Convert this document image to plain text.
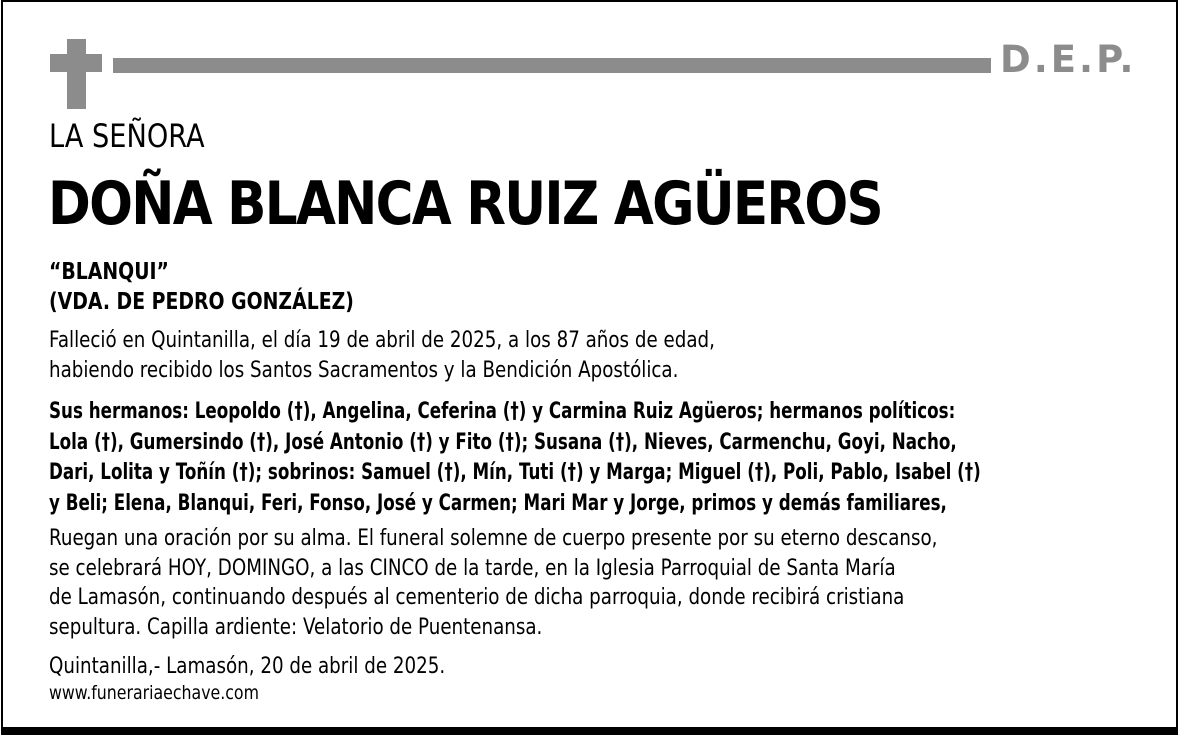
D.E.P.
LA SEÑORA
DOÑA BLANCA RUIZ AGÜEROS
“BLANQUI”
(VDA. DE PEDRO GONZÁLEZ)
Falleció en Quintanilla, el día 19 de abril de 2025, a los 87 años de edad,
habiendo recibido los Santos Sacramentos y la Bendición Apostólica.
Sus hermanos: Leopoldo (†), Angelina, Ceferina (†) y Carmina Ruiz Agüeros; hermanos políticos:
Lola (†), Gumersindo (†), José Antonio (†) y Fito (†); Susana (†), Nieves, Carmenchu, Goyi, Nacho,
Dari, Lolita y Toñín (†); sobrinos: Samuel (†), Mín, Tuti (†) y Marga; Miguel (†), Poli, Pablo, Isabel (†)
y Beli; Elena, Blanqui, Feri, Fonso, José y Carmen; Mari Mar y Jorge, primos y demás familiares,
Ruegan una oración por su alma. El funeral solemne de cuerpo presente por su eterno descanso,
se celebrará HOY, DOMINGO, a las CINCO de la tarde, en la Iglesia Parroquial de Santa María
de Lamasón, continuando después al cementerio de dicha parroquia, donde recibirá cristiana
sepultura. Capilla ardiente: Velatorio de Puentenansa.
Quintanilla,- Lamasón, 20 de abril de 2025.
www.funerariaechave.com
